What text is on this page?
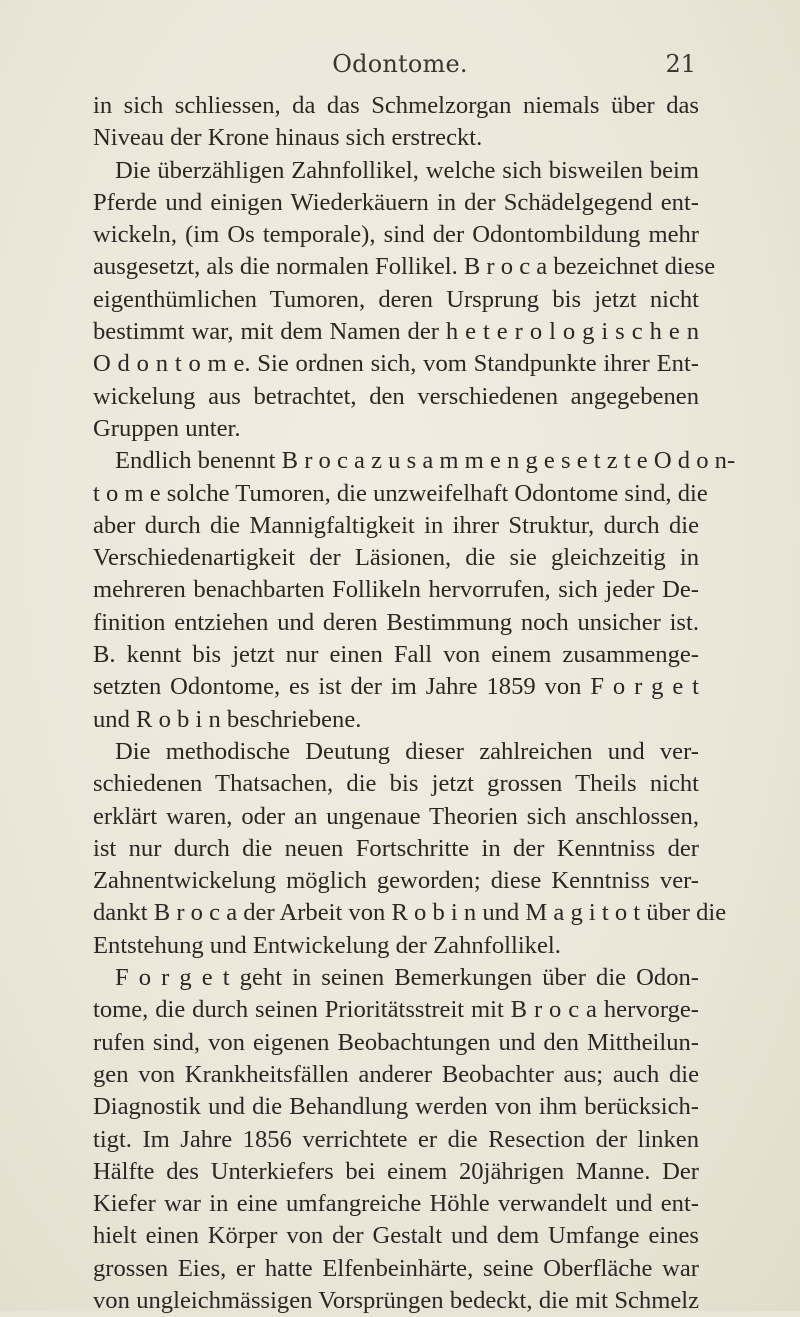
Odontome.	21
in sich schliessen, da das Schmelzorgan niemals über das
Niveau der Krone hinaus sich erstreckt.
Die überzähligen Zahnfollikel, welche sich bisweilen beim
Pferde und einigen Wiederkäuern in der Schädelgegend ent-
wickeln, (im Os temporale), sind der Odontombildung mehr
ausgesetzt, als die normalen Follikel. B r o c a bezeichnet diese
eigenthümlichen Tumoren, deren Ursprung bis jetzt nicht
bestimmt war, mit dem Namen der h e t e r o l o g i s c h e n
O d o n t o m e. Sie ordnen sich, vom Standpunkte ihrer Ent-
wickelung aus betrachtet, den verschiedenen angegebenen
Gruppen unter.
Endlich benennt B r o c a z u s a m m e n g e s e t z t e O d o n-
t o m e solche Tumoren, die unzweifelhaft Odontome sind, die
aber durch die Mannigfaltigkeit in ihrer Struktur, durch die
Verschiedenartigkeit der Läsionen, die sie gleichzeitig in
mehreren benachbarten Follikeln hervorrufen, sich jeder De-
finition entziehen und deren Bestimmung noch unsicher ist.
B. kennt bis jetzt nur einen Fall von einem zusammenge-
setzten Odontome, es ist der im Jahre 1859 von F o r g e t
und R o b i n beschriebene.
Die methodische Deutung dieser zahlreichen und ver-
schiedenen Thatsachen, die bis jetzt grossen Theils nicht
erklärt waren, oder an ungenaue Theorien sich anschlossen,
ist nur durch die neuen Fortschritte in der Kenntniss der
Zahnentwickelung möglich geworden; diese Kenntniss ver-
dankt B r o c a der Arbeit von R o b i n und M a g i t o t über die
Entstehung und Entwickelung der Zahnfollikel.
F o r g e t geht in seinen Bemerkungen über die Odon-
tome, die durch seinen Prioritätsstreit mit B r o c a hervorge-
rufen sind, von eigenen Beobachtungen und den Mittheilun-
gen von Krankheitsfällen anderer Beobachter aus; auch die
Diagnostik und die Behandlung werden von ihm berücksich-
tigt. Im Jahre 1856 verrichtete er die Resection der linken
Hälfte des Unterkiefers bei einem 20jährigen Manne. Der
Kiefer war in eine umfangreiche Höhle verwandelt und ent-
hielt einen Körper von der Gestalt und dem Umfange eines
grossen Eies, er hatte Elfenbeinhärte, seine Oberfläche war
von ungleichmässigen Vorsprüngen bedeckt, die mit Schmelz
